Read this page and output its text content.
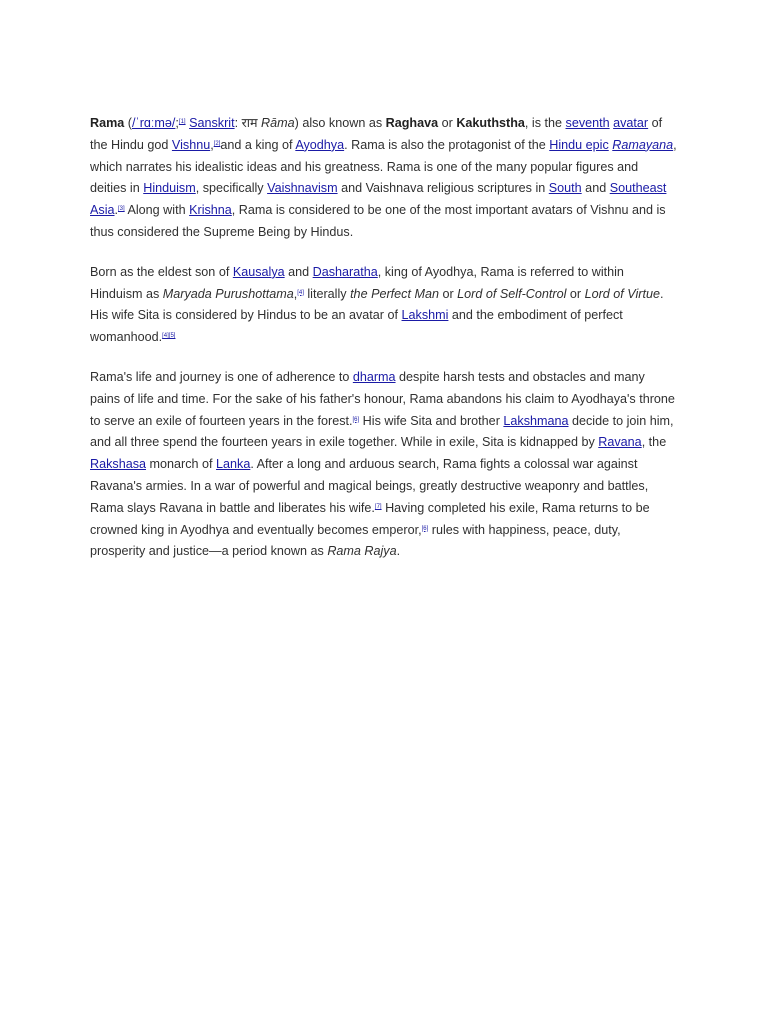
Rama (/ˈrɑːmə/;[1] Sanskrit: राम Rāma) also known as Raghava or Kakuthstha, is the seventh avatar of the Hindu god Vishnu,[2]and a king of Ayodhya. Rama is also the protagonist of the Hindu epic Ramayana, which narrates his idealistic ideas and his greatness. Rama is one of the many popular figures and deities in Hinduism, specifically Vaishnavism and Vaishnava religious scriptures in South and Southeast Asia.[3] Along with Krishna, Rama is considered to be one of the most important avatars of Vishnu and is thus considered the Supreme Being by Hindus.

Born as the eldest son of Kausalya and Dasharatha, king of Ayodhya, Rama is referred to within Hinduism as Maryada Purushottama,[4] literally the Perfect Man or Lord of Self-Control or Lord of Virtue. His wife Sita is considered by Hindus to be an avatar of Lakshmi and the embodiment of perfect womanhood.[4][5]

Rama's life and journey is one of adherence to dharma despite harsh tests and obstacles and many pains of life and time. For the sake of his father's honour, Rama abandons his claim to Ayodhaya's throne to serve an exile of fourteen years in the forest.[6] His wife Sita and brother Lakshmana decide to join him, and all three spend the fourteen years in exile together. While in exile, Sita is kidnapped by Ravana, the Rakshasa monarch of Lanka. After a long and arduous search, Rama fights a colossal war against Ravana's armies. In a war of powerful and magical beings, greatly destructive weaponry and battles, Rama slays Ravana in battle and liberates his wife.[7] Having completed his exile, Rama returns to be crowned king in Ayodhya and eventually becomes emperor,[6] rules with happiness, peace, duty, prosperity and justice—a period known as Rama Rajya.
